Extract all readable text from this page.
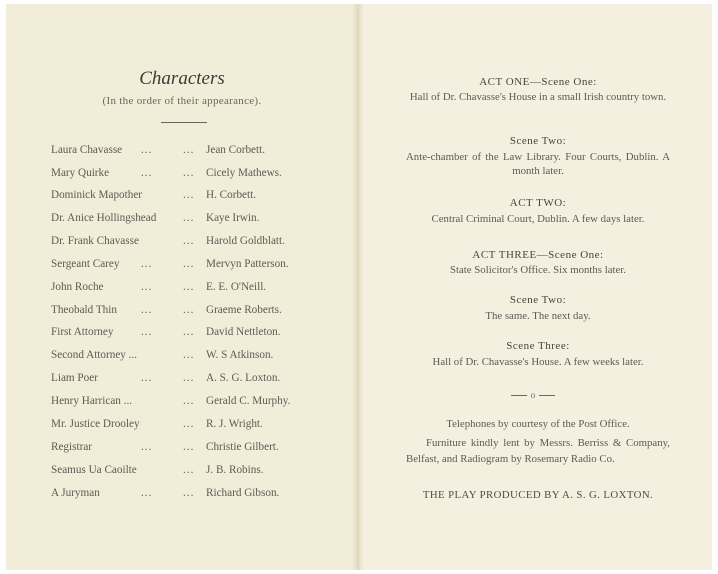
Characters
(In the order of their appearance).
Laura Chavasse ...	... Jean Corbett.
Mary Quirke	...	... Cicely Mathews.
Dominick Mapother	... H. Corbett.
Dr. Anice Hollingshead ... Kaye Irwin.
Dr. Frank Chavasse	... Harold Goldblatt.
Sergeant Carey ...	... Mervyn Patterson.
John Roche	...	... E. E. O'Neill.
Theobald Thin ...	... Graeme Roberts.
First Attorney ...	... David Nettleton.
Second Attorney ...	... W. S Atkinson.
Liam Poer	...	... A. S. G. Loxton.
Henry Harrican ...	... Gerald C. Murphy.
Mr. Justice Drooley	... R. J. Wright.
Registrar	...	... Christie Gilbert.
Seamus Ua Caoilte	... J. B. Robins.
A Juryman	...	... Richard Gibson.
ACT ONE—Scene One:
Hall of Dr. Chavasse's House in a small Irish country town.
Scene Two:
Ante-chamber of the Law Library. Four Courts, Dublin. A month later.
ACT TWO:
Central Criminal Court, Dublin. A few days later.
ACT THREE—Scene One:
State Solicitor's Office. Six months later.
Scene Two:
The same. The next day.
Scene Three:
Hall of Dr. Chavasse's House. A few weeks later.
o
Telephones by courtesy of the Post Office.
Furniture kindly lent by Messrs. Berriss & Company, Belfast, and Radiogram by Rosemary Radio Co.
THE PLAY PRODUCED BY A. S. G. LOXTON.
